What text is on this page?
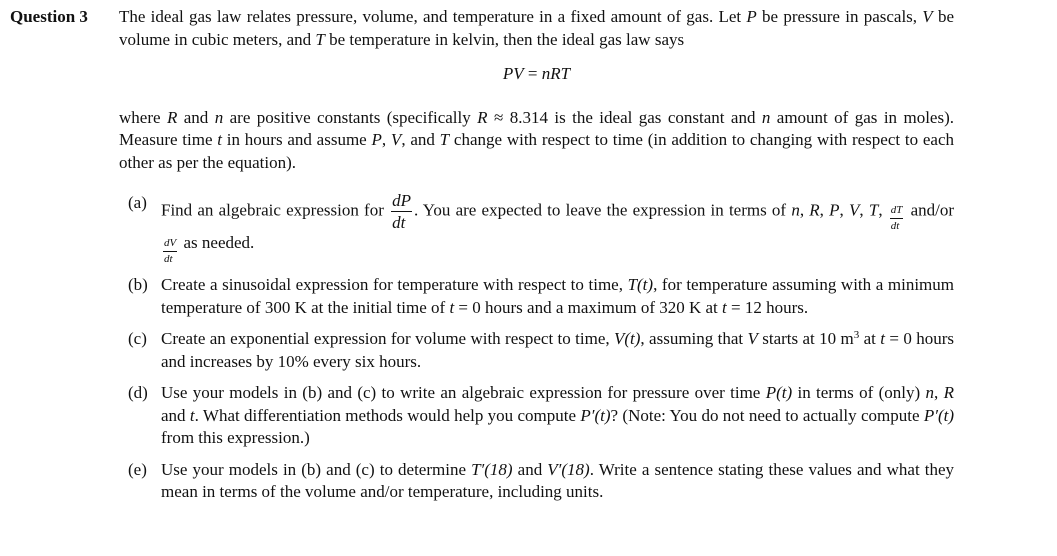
Question 3 The ideal gas law relates pressure, volume, and temperature in a fixed amount of gas. Let P be pressure in pascals, V be volume in cubic meters, and T be temperature in kelvin, then the ideal gas law says

PV = nRT

where R and n are positive constants (specifically R ≈ 8.314 is the ideal gas constant and n amount of gas in moles). Measure time t in hours and assume P, V, and T change with respect to time (in addition to changing with respect to each other as per the equation).

(a) Find an algebraic expression for $\frac{dP}{dt}$ . You are expected to leave the expression in terms of n, R, P, V, T, $\frac{dT}{dt} and/or$
$\frac{dV}{dt}$ as needed.

(b) Create a sinusoidal expression for temperature with respect to time, T(t), for temperature assuming with a minimum temperature of 300 K at the initial time of t = 0 hours and a maximum of 320 K at t = 12 hours.

(c) Create an exponential expression for volume with respect to time, V(t), assuming that V starts at 10 $m^3$ at t = 0 hours and increases by 10% every six hours.

(d) Use your models in (b) and (c) to write an algebraic expression for pressure over time P(t) in terms of (only) n, R and t. What differentiation methods would help you compute P′(t)? (Note: You do not need to actually compute P′(t) from this expression.)

(e) Use your models in (b) and (c) to determine T′(18) and V′(18). Write a sentence stating these values and what they mean in terms of the volume and/or temperature, including units.
